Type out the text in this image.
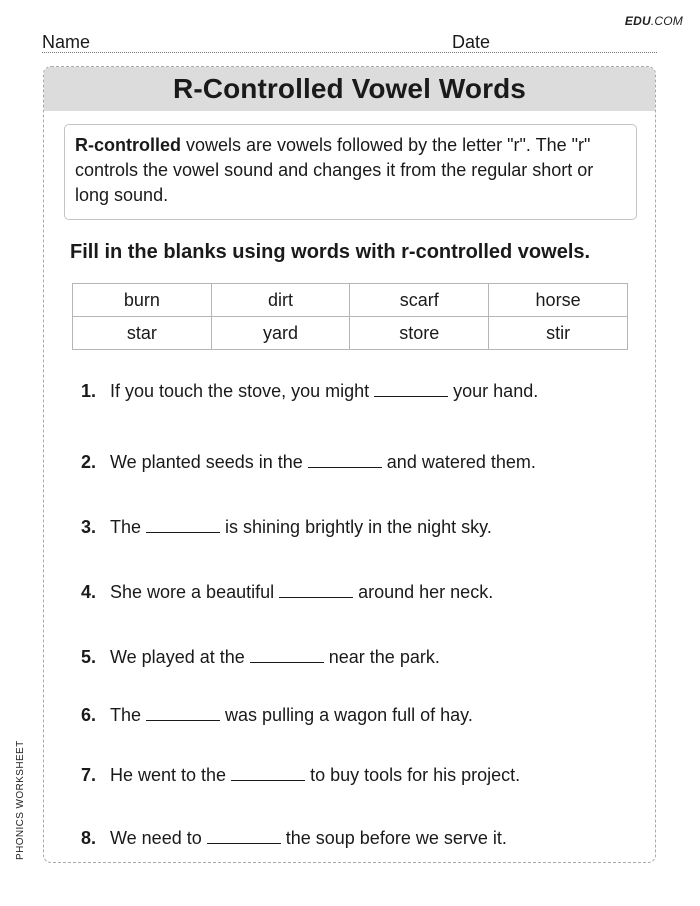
EDU.COM
Name	Date
R-Controlled Vowel Words
R-controlled vowels are vowels followed by the letter "r". The "r" controls the vowel sound and changes it from the regular short or long sound.
Fill in the blanks using words with r-controlled vowels.
burn	dirt	scarf	horse
star	yard	store	stir
1. If you touch the stove, you might	your hand.
2. We planted seeds in the	and watered them.
3. The	is shining brightly in the night sky.
4. She wore a beautiful	around her neck.
5. We played at the	near the park.
6. The	was pulling a wagon full of hay.
7. He went to the	to buy tools for his project.
8. We need to	the soup before we serve it.
PHONICS WORKSHEET
